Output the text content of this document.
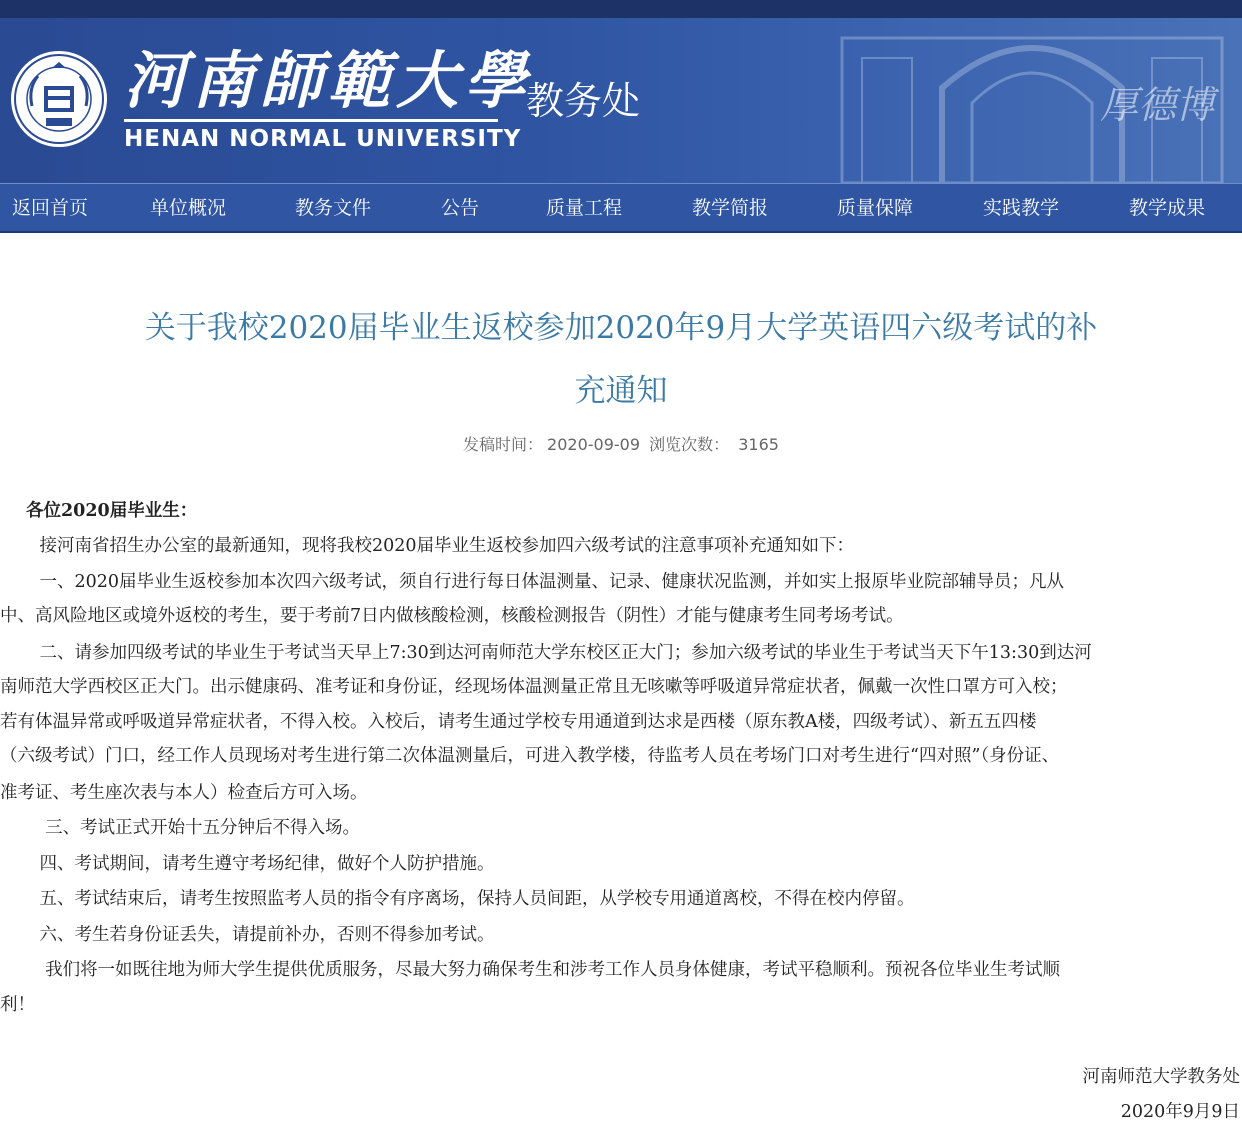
河南師範大學
HENAN NORMAL UNIVERSITY
教务处	厚德博
返回首页	单位概况	教务文件	公告	质量工程	教学简报	质量保障	实践教学	教学成果
关于我校2020届毕业生返校参加2020年9月大学英语四六级考试的补
充通知
发稿时间： 2020-09-09 浏览次数： 3165
各位2020届毕业生：
　接河南省招生办公室的最新通知，现将我校2020届毕业生返校参加四六级考试的注意事项补充通知如下：
　一、2020届毕业生返校参加本次四六级考试，须自行进行每日体温测量、记录、健康状况监测，并如实上报原毕业院部辅导员；凡从
中、高风险地区或境外返校的考生，要于考前7日内做核酸检测，核酸检测报告（阴性）才能与健康考生同考场考试。
　二、请参加四级考试的毕业生于考试当天早上7:30到达河南师范大学东校区正大门；参加六级考试的毕业生于考试当天下午13:30到达河
南师范大学西校区正大门。出示健康码、准考证和身份证，经现场体温测量正常且无咳嗽等呼吸道异常症状者，佩戴一次性口罩方可入校；
若有体温异常或呼吸道异常症状者，不得入校。入校后，请考生通过学校专用通道到达求是西楼（原东教A楼，四级考试）、新五五四楼
（六级考试）门口，经工作人员现场对考生进行第二次体温测量后，可进入教学楼，待监考人员在考场门口对考生进行“四对照”（身份证、
准考证、考生座次表与本人）检查后方可入场。
　 三、考试正式开始十五分钟后不得入场。
　四、考试期间，请考生遵守考场纪律，做好个人防护措施。
　五、考试结束后，请考生按照监考人员的指令有序离场，保持人员间距，从学校专用通道离校，不得在校内停留。
　六、考生若身份证丢失，请提前补办，否则不得参加考试。
　 我们将一如既往地为师大学生提供优质服务，尽最大努力确保考生和涉考工作人员身体健康，考试平稳顺利。预祝各位毕业生考试顺
利！
河南师范大学教务处
2020年9月9日
